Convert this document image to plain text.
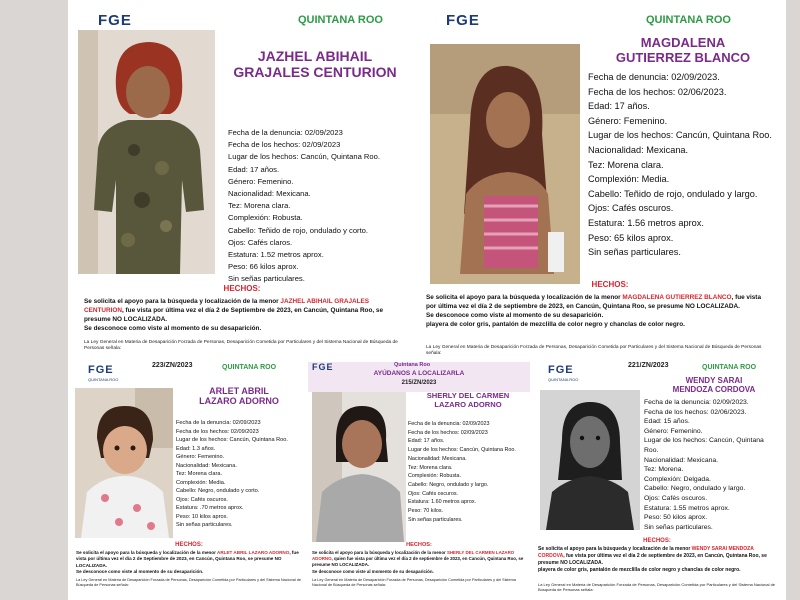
FGE	QUINTANA ROO
JAZHEL ABIHAIL
GRAJALES CENTURION
Fecha de la denuncia: 02/09/2023
Fecha de los hechos: 02/09/2023
Lugar de los hechos: Cancún, Quintana Roo.
Edad: 17 años.
Género: Femenino.
Nacionalidad: Mexicana.
Tez: Morena clara.
Complexión: Robusta.
Cabello: Teñido de rojo, ondulado y corto.
Ojos: Cafés claros.
Estatura: 1.52 metros aprox.
Peso: 66 kilos aprox.
Sin señas particulares.
HECHOS:
Se solicita el apoyo para la búsqueda y localización de la menor JAZHEL ABIHAIL GRAJALES CENTURION, fue vista por última vez el día 2 de Septiembre de 2023, en Cancún, Quintana Roo, se presume NO LOCALIZADA.
Se desconoce como viste al momento de su desaparición.
La Ley General en Materia de Desaparición Forzada de Personas, Desaparición Cometida por Particulares y del Sistema Nacional de Búsqueda de Personas señala:
FGE	QUINTANA ROO
MAGDALENA
GUTIERREZ BLANCO
Fecha de denuncia: 02/09/2023.
Fecha de los hechos: 02/06/2023.
Edad: 17 años.
Género: Femenino.
Lugar de los hechos: Cancún, Quintana Roo.
Nacionalidad: Mexicana.
Tez: Morena clara.
Complexión: Media.
Cabello: Teñido de rojo, ondulado y largo.
Ojos: Cafés oscuros.
Estatura: 1.56 metros aprox.
Peso: 65 kilos aprox.
Sin señas particulares.
HECHOS:
Se solicita el apoyo para la búsqueda y localización de la menor MAGDALENA GUTIERREZ BLANCO, fue vista por última vez el día 2 de septiembre de 2023, en Cancún, Quintana Roo, se presume NO LOCALIZADA.
Se desconoce como viste al momento de su desaparición.
playera de color gris, pantalón de mezclilla de color negro y chanclas de color negro.
La Ley General en Materia de Desaparición Forzada de Personas, Desaparición Cometida por Particulares y del Sistema Nacional de Búsqueda de Personas señala:
FGE
QUINTANA ROO
223/ZN/2023	QUINTANA ROO
ARLET ABRIL
LAZARO ADORNO
Fecha de la denuncia: 02/09/2023
Fecha de los hechos: 02/09/2023
Lugar de los hechos: Cancún, Quintana Roo.
Edad: 1.3 años.
Género: Femenino.
Nacionalidad: Mexicana.
Tez: Morena clara.
Complexión: Media.
Cabello: Negro, ondulado y corto.
Ojos: Cafés oscuros.
Estatura: .70 metros aprox.
Peso: 10 kilos aprox.
Sin señas particulares.
HECHOS:
Se solicita el apoyo para la búsqueda y localización de la menor ARLET ABRIL LAZARO ADORNO, fue vista por última vez el día 2 de Septiembre de 2023, en Cancún, Quintana Roo, se presume NO LOCALIZADA.
Se desconoce como viste al momento de su desaparición.
La Ley General en Materia de Desaparición Forzada de Personas, Desaparición Cometida por Particulares y del Sistema Nacional de Búsqueda de Personas señala:
FGE	Quintana Roo
AYÚDANOS A LOCALIZARLA
215/ZN/2023
SHERLY DEL CARMEN
LAZARO ADORNO
Fecha de la denuncia: 02/09/2023
Fecha de los hechos: 02/09/2023
Edad: 17 años.
Lugar de los hechos: Cancún, Quintana Roo.
Nacionalidad: Mexicana.
Tez: Morena clara.
Complexión: Robusta.
Cabello: Negro, ondulado y largo.
Ojos: Cafés oscuros.
Estatura: 1.60 metros aprox.
Peso: 70 kilos.
Sin señas particulares.
HECHOS:
Se solicita el apoyo para la búsqueda y localización de la menor SHERLY DEL CARMEN LAZARO ADORNO, quien fue vista por última vez el día 2 de septiembre de 2023, en Cancún, Quintana Roo, se presume NO LOCALIZADA.
Se desconoce como viste al momento de su desaparición.
La Ley General en Materia de Desaparición Forzada de Personas, Desaparición Cometida por Particulares y del Sistema Nacional de Búsqueda de Personas señala:
FGE
QUINTANA ROO
221/ZN/2023	QUINTANA ROO
WENDY SARAI
MENDOZA CORDOVA
Fecha de la denuncia: 02/09/2023.
Fecha de los hechos: 02/06/2023.
Edad: 15 años.
Género: Femenino.
Lugar de los hechos: Cancún, Quintana Roo.
Nacionalidad: Mexicana.
Tez: Morena.
Complexión: Delgada.
Cabello: Negro, ondulado y largo.
Ojos: Cafés oscuros.
Estatura: 1.55 metros aprox.
Peso: 50 kilos aprox.
Sin señas particulares.
HECHOS:
Se solicita el apoyo para la búsqueda y localización de la menor WENDY SARAI MENDOZA CORDOVA, fue vista por última vez el día 2 de septiembre de 2023, en Cancún, Quintana Roo, se presume NO LOCALIZADA.
playera de color gris, pantalón de mezclilla de color negro y chanclas de color negro.
La Ley General en Materia de Desaparición Forzada de Personas, Desaparición Cometida por Particulares y del Sistema Nacional de Búsqueda de Personas señala:
